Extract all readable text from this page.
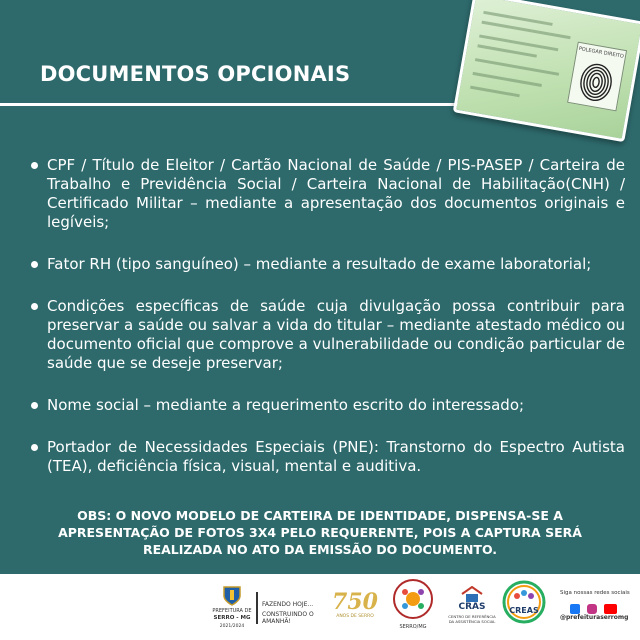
DOCUMENTOS OPCIONAIS
POLEGAR DIREITO
CPF / Título de Eleitor / Cartão Nacional de Saúde / PIS-PASEP / Carteira de Trabalho e Previdência Social / Carteira Nacional de Habilitação(CNH) / Certificado Militar – mediante a apresentação dos documentos originais e legíveis;
Fator RH (tipo sanguíneo) – mediante a resultado de exame laboratorial;
Condições específicas de saúde cuja divulgação possa contribuir para preservar a saúde ou salvar a vida do titular – mediante atestado médico ou documento oficial que comprove a vulnerabilidade ou condição particular de saúde que se deseje preservar;
Nome social – mediante a requerimento escrito do interessado;
Portador de Necessidades Especiais (PNE): Transtorno do Espectro Autista (TEA), deficiência física, visual, mental e auditiva.
OBS: O NOVO MODELO DE CARTEIRA DE IDENTIDADE, DISPENSA-SE A APRESENTAÇÃO DE FOTOS 3X4 PELO REQUERENTE, POIS A CAPTURA SERÁ REALIZADA NO ATO DA EMISSÃO DO DOCUMENTO.
PREFEITURA DE
SERRO - MG
2021/2024
FAZENDO HOJE...
CONSTRUINDO O AMANHÃ!
750
ANOS DE SERRO
SERRO/MG
CRAS
CENTRO DE REFERÊNCIA DA ASSISTÊNCIA SOCIAL
CREAS
Siga nossas redes sociais

@prefeituraserromg
